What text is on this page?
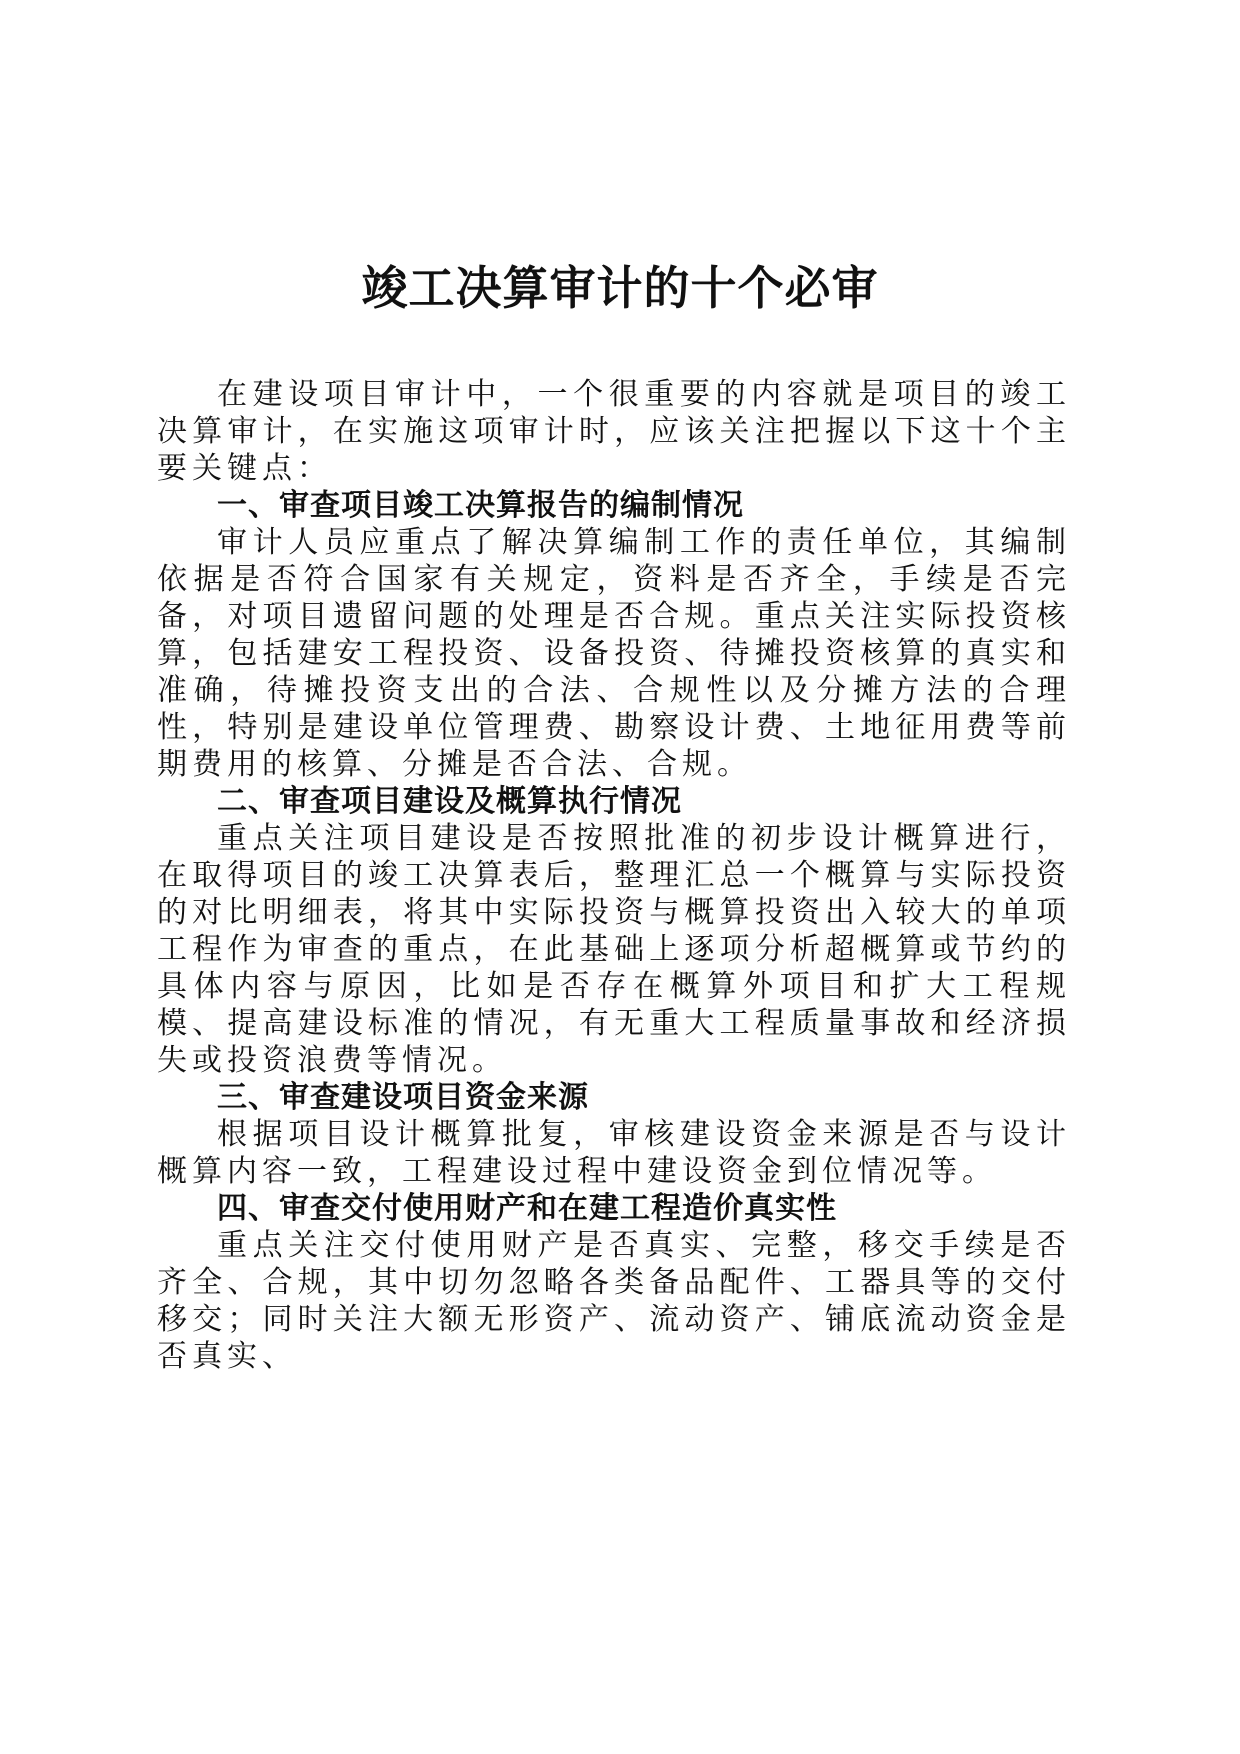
竣工决算审计的十个必审

在建设项目审计中，一个很重要的内容就是项目的竣工决算审计，在实施这项审计时，应该关注把握以下这十个主要关键点：

一、审查项目竣工决算报告的编制情况

审计人员应重点了解决算编制工作的责任单位，其编制依据是否符合国家有关规定，资料是否齐全，手续是否完备，对项目遗留问题的处理是否合规。重点关注实际投资核算，包括建安工程投资、设备投资、待摊投资核算的真实和准确，待摊投资支出的合法、合规性以及分摊方法的合理性，特别是建设单位管理费、勘察设计费、土地征用费等前期费用的核算、分摊是否合法、合规。

二、审查项目建设及概算执行情况

重点关注项目建设是否按照批准的初步设计概算进行，在取得项目的竣工决算表后，整理汇总一个概算与实际投资的对比明细表，将其中实际投资与概算投资出入较大的单项工程作为审查的重点，在此基础上逐项分析超概算或节约的具体内容与原因，比如是否存在概算外项目和扩大工程规模、提高建设标准的情况，有无重大工程质量事故和经济损失或投资浪费等情况。

三、审查建设项目资金来源

根据项目设计概算批复，审核建设资金来源是否与设计概算内容一致，工程建设过程中建设资金到位情况等。

四、审查交付使用财产和在建工程造价真实性

重点关注交付使用财产是否真实、完整，移交手续是否齐全、合规，其中切勿忽略各类备品配件、工器具等的交付移交；同时关注大额无形资产、流动资产、铺底流动资金是否真实、
